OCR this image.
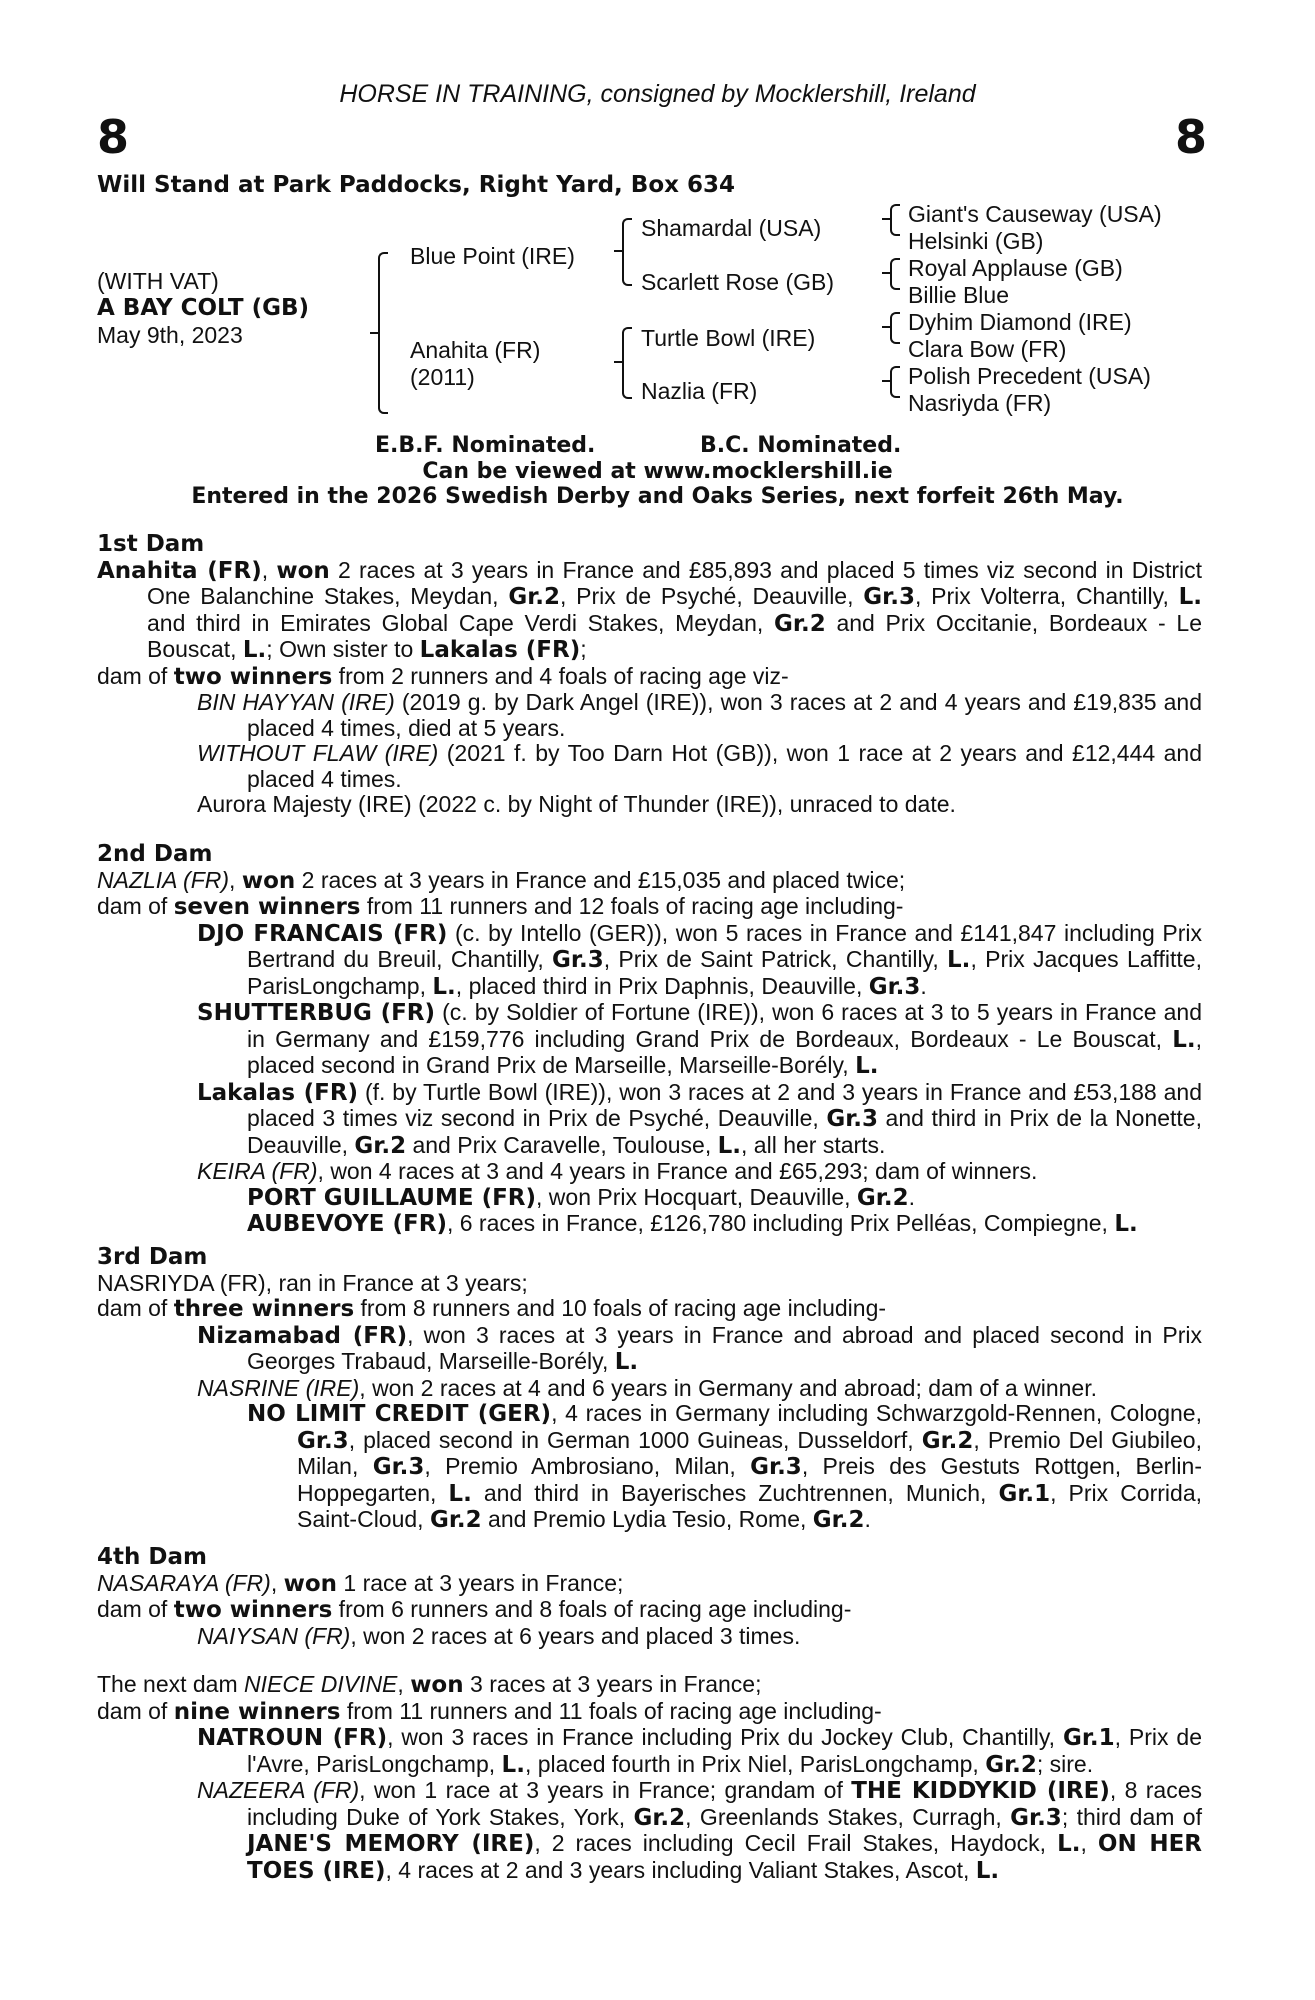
HORSE IN TRAINING, consigned by Mocklershill, Ireland
8	8
Will Stand at Park Paddocks, Right Yard, Box 634
(WITH VAT)
A BAY COLT (GB)
May 9th, 2023
Blue Point (IRE)
Anahita (FR)
(2011)
Shamardal (USA)
Scarlett Rose (GB)
Turtle Bowl (IRE)
Nazlia (FR)
Giant's Causeway (USA)
Helsinki (GB)
Royal Applause (GB)
Billie Blue
Dyhim Diamond (IRE)
Clara Bow (FR)
Polish Precedent (USA)
Nasriyda (FR)
E.B.F. Nominated.	B.C. Nominated.
Can be viewed at www.mocklershill.ie
Entered in the 2026 Swedish Derby and Oaks Series, next forfeit 26th May.
1st Dam

Anahita (FR), won 2 races at 3 years in France and £85,893 and placed 5 times viz second in District One Balanchine Stakes, Meydan, Gr.2, Prix de Psyché, Deauville, Gr.3, Prix Volterra, Chantilly, L. and third in Emirates Global Cape Verdi Stakes, Meydan, Gr.2 and Prix Occitanie, Bordeaux - Le Bouscat, L.; Own sister to Lakalas (FR);

dam of two winners from 2 runners and 4 foals of racing age viz-

BIN HAYYAN (IRE) (2019 g. by Dark Angel (IRE)), won 3 races at 2 and 4 years and £19,835 and placed 4 times, died at 5 years.

WITHOUT FLAW (IRE) (2021 f. by Too Darn Hot (GB)), won 1 race at 2 years and £12,444 and placed 4 times.

Aurora Majesty (IRE) (2022 c. by Night of Thunder (IRE)), unraced to date.

2nd Dam

NAZLIA (FR), won 2 races at 3 years in France and £15,035 and placed twice;

dam of seven winners from 11 runners and 12 foals of racing age including-

DJO FRANCAIS (FR) (c. by Intello (GER)), won 5 races in France and £141,847 including Prix Bertrand du Breuil, Chantilly, Gr.3, Prix de Saint Patrick, Chantilly, L., Prix Jacques Laffitte, ParisLongchamp, L., placed third in Prix Daphnis, Deauville, Gr.3.

SHUTTERBUG (FR) (c. by Soldier of Fortune (IRE)), won 6 races at 3 to 5 years in France and in Germany and £159,776 including Grand Prix de Bordeaux, Bordeaux - Le Bouscat, L., placed second in Grand Prix de Marseille, Marseille-Borély, L.

Lakalas (FR) (f. by Turtle Bowl (IRE)), won 3 races at 2 and 3 years in France and £53,188 and placed 3 times viz second in Prix de Psyché, Deauville, Gr.3 and third in Prix de la Nonette, Deauville, Gr.2 and Prix Caravelle, Toulouse, L., all her starts.

KEIRA (FR), won 4 races at 3 and 4 years in France and £65,293; dam of winners.

PORT GUILLAUME (FR), won Prix Hocquart, Deauville, Gr.2.

AUBEVOYE (FR), 6 races in France, £126,780 including Prix Pelléas, Compiegne, L.

3rd Dam

NASRIYDA (FR), ran in France at 3 years;

dam of three winners from 8 runners and 10 foals of racing age including-

Nizamabad (FR), won 3 races at 3 years in France and abroad and placed second in Prix Georges Trabaud, Marseille-Borély, L.

NASRINE (IRE), won 2 races at 4 and 6 years in Germany and abroad; dam of a winner.

NO LIMIT CREDIT (GER), 4 races in Germany including Schwarzgold-Rennen, Cologne, Gr.3, placed second in German 1000 Guineas, Dusseldorf, Gr.2, Premio Del Giubileo, Milan, Gr.3, Premio Ambrosiano, Milan, Gr.3, Preis des Gestuts Rottgen, Berlin-Hoppegarten, L. and third in Bayerisches Zuchtrennen, Munich, Gr.1, Prix Corrida, Saint-Cloud, Gr.2 and Premio Lydia Tesio, Rome, Gr.2.

4th Dam

NASARAYA (FR), won 1 race at 3 years in France;

dam of two winners from 6 runners and 8 foals of racing age including-

NAIYSAN (FR), won 2 races at 6 years and placed 3 times.

The next dam NIECE DIVINE, won 3 races at 3 years in France;

dam of nine winners from 11 runners and 11 foals of racing age including-

NATROUN (FR), won 3 races in France including Prix du Jockey Club, Chantilly, Gr.1, Prix de l'Avre, ParisLongchamp, L., placed fourth in Prix Niel, ParisLongchamp, Gr.2; sire.

NAZEERA (FR), won 1 race at 3 years in France; grandam of THE KIDDYKID (IRE), 8 races including Duke of York Stakes, York, Gr.2, Greenlands Stakes, Curragh, Gr.3; third dam of JANE'S MEMORY (IRE), 2 races including Cecil Frail Stakes, Haydock, L., ON HER TOES (IRE), 4 races at 2 and 3 years including Valiant Stakes, Ascot, L.
